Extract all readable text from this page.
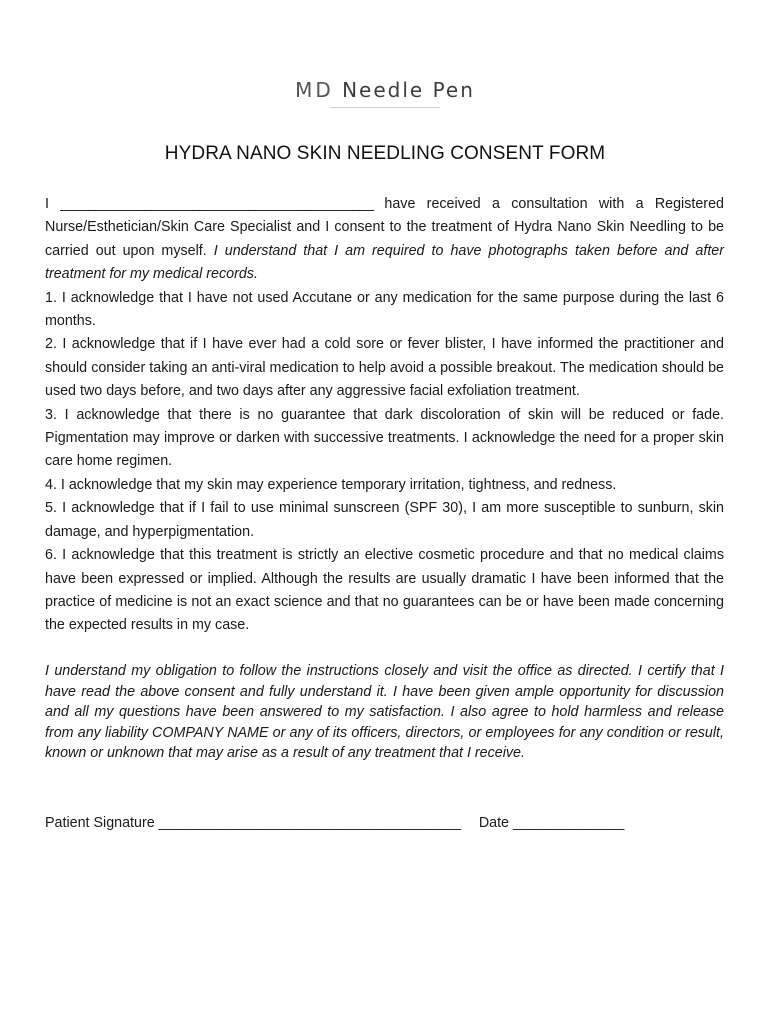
MD Needle Pen
HYDRA NANO SKIN NEEDLING CONSENT FORM

I _____________________________________________ have received a consultation with a Registered Nurse/Esthetician/Skin Care Specialist and I consent to the treatment of Hydra Nano Skin Needling to be carried out upon myself. I understand that I am required to have photographs taken before and after treatment for my medical records.

1. I acknowledge that I have not used Accutane or any medication for the same purpose during the last 6 months.

2. I acknowledge that if I have ever had a cold sore or fever blister, I have informed the practitioner and should consider taking an anti-viral medication to help avoid a possible breakout. The medication should be used two days before, and two days after any aggressive facial exfoliation treatment.

3. I acknowledge that there is no guarantee that dark discoloration of skin will be reduced or fade. Pigmentation may improve or darken with successive treatments. I acknowledge the need for a proper skin care home regimen.

4. I acknowledge that my skin may experience temporary irritation, tightness, and redness.

5. I acknowledge that if I fail to use minimal sunscreen (SPF 30), I am more susceptible to sunburn, skin damage, and hyperpigmentation.

6. I acknowledge that this treatment is strictly an elective cosmetic procedure and that no medical claims have been expressed or implied. Although the results are usually dramatic I have been informed that the practice of medicine is not an exact science and that no guarantees can be or have been made concerning the expected results in my case.

I understand my obligation to follow the instructions closely and visit the office as directed. I certify that I have read the above consent and fully understand it. I have been given ample opportunity for discussion and all my questions have been answered to my satisfaction. I also agree to hold harmless and release from any liability COMPANY NAME or any of its officers, directors, or employees for any condition or result, known or unknown that may arise as a result of any treatment that I receive.
Patient Signature ______________________________________ Date ______________
